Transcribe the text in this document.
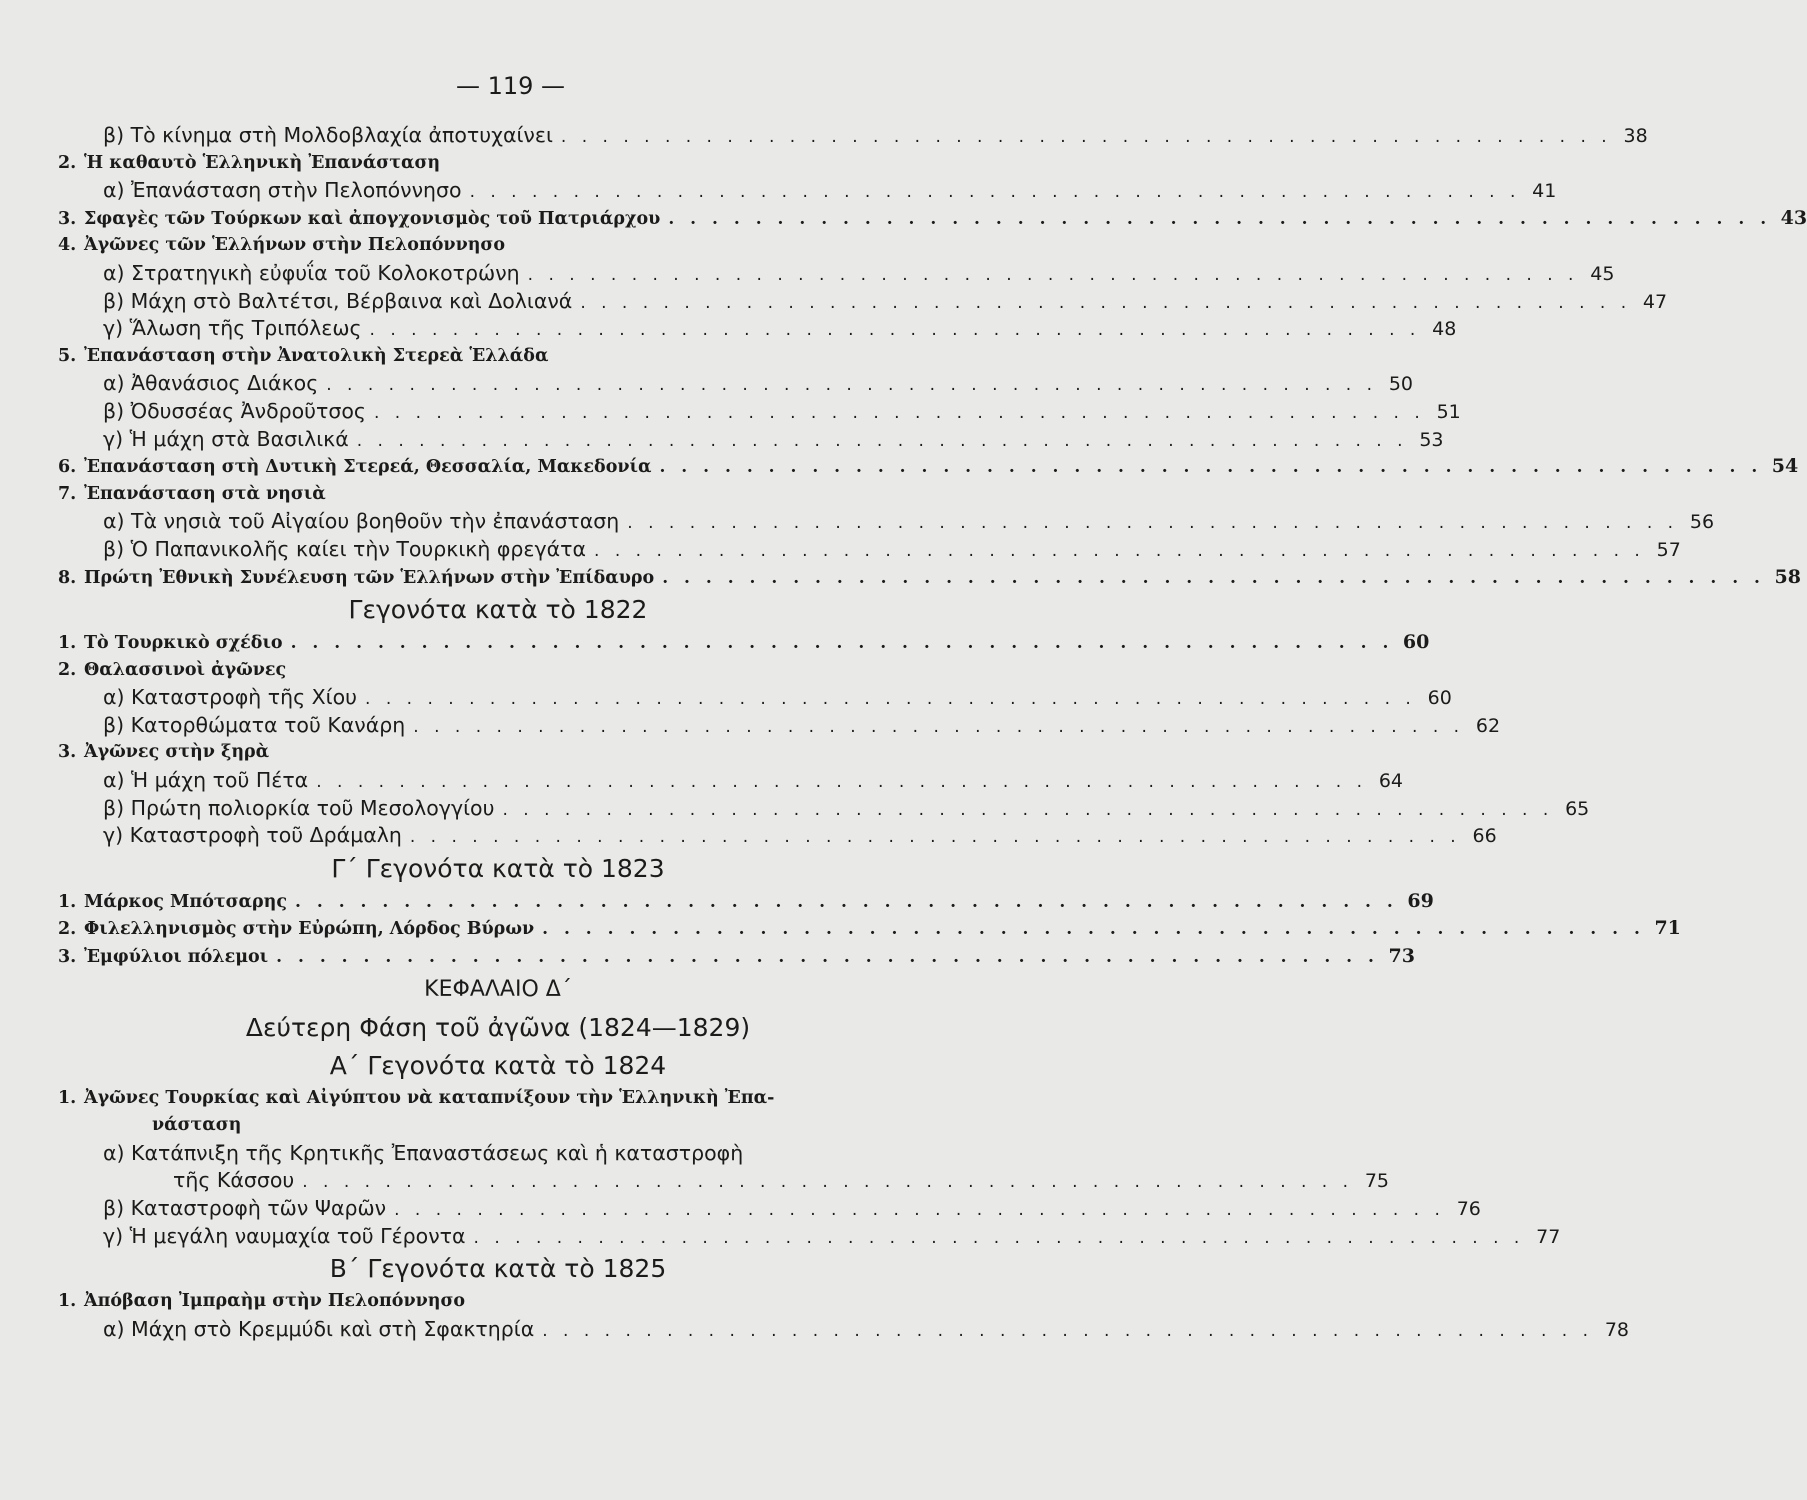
— 119 —
β) Τὸ κίνημα στὴ Μολδοβλαχία ἀποτυχαίνει . . . . . . . . . . . . . . . . . . . . . . . . . . . . . . . . . . . . . . . . . . . . . . . . . . . 38
2. Ἡ καθαυτὸ Ἑλληνικὴ Ἐπανάσταση
α) Ἐπανάσταση στὴν Πελοπόννησο . . . . . . . . . . . . . . . . . . . . . . . . . . . . . . . . . . . . . . . . . . . . . . . . . . . 41
3. Σφαγὲς τῶν Τούρκων καὶ ἀπογχονισμὸς τοῦ Πατριάρχου . . . . . . . . . . . . . . . . . . . . . . . . . . . . . . . . . . . . . . . . . . . . . . . . . . . 43
4. Ἀγῶνες τῶν Ἑλλήνων στὴν Πελοπόννησο
α) Στρατηγικὴ εὐφυΐα τοῦ Κολοκοτρώνη . . . . . . . . . . . . . . . . . . . . . . . . . . . . . . . . . . . . . . . . . . . . . . . . . . . 45
β) Μάχη στὸ Βαλτέτσι, Βέρβαινα καὶ Δολιανά . . . . . . . . . . . . . . . . . . . . . . . . . . . . . . . . . . . . . . . . . . . . . . . . . . . 47
γ) Ἅλωση τῆς Τριπόλεως . . . . . . . . . . . . . . . . . . . . . . . . . . . . . . . . . . . . . . . . . . . . . . . . . . . 48
5. Ἐπανάσταση στὴν Ἀνατολικὴ Στερεὰ Ἑλλάδα
α) Ἀθανάσιος Διάκος . . . . . . . . . . . . . . . . . . . . . . . . . . . . . . . . . . . . . . . . . . . . . . . . . . . 50
β) Ὀδυσσέας Ἀνδροῦτσος . . . . . . . . . . . . . . . . . . . . . . . . . . . . . . . . . . . . . . . . . . . . . . . . . . . 51
γ) Ἡ μάχη στὰ Βασιλικά . . . . . . . . . . . . . . . . . . . . . . . . . . . . . . . . . . . . . . . . . . . . . . . . . . . 53
6. Ἐπανάσταση στὴ Δυτικὴ Στερεά, Θεσσαλία, Μακεδονία . . . . . . . . . . . . . . . . . . . . . . . . . . . . . . . . . . . . . . . . . . . . . . . . . . . 54
7. Ἐπανάσταση στὰ νησιὰ
α) Τὰ νησιὰ τοῦ Αἰγαίου βοηθοῦν τὴν ἐπανάσταση . . . . . . . . . . . . . . . . . . . . . . . . . . . . . . . . . . . . . . . . . . . . . . . . . . . 56
β) Ὁ Παπανικολῆς καίει τὴν Τουρκικὴ φρεγάτα . . . . . . . . . . . . . . . . . . . . . . . . . . . . . . . . . . . . . . . . . . . . . . . . . . . 57
8. Πρώτη Ἐθνικὴ Συνέλευση τῶν Ἑλλήνων στὴν Ἐπίδαυρο . . . . . . . . . . . . . . . . . . . . . . . . . . . . . . . . . . . . . . . . . . . . . . . . . . . 58
Γεγονότα κατὰ τὸ 1822
1. Τὸ Τουρκικὸ σχέδιο . . . . . . . . . . . . . . . . . . . . . . . . . . . . . . . . . . . . . . . . . . . . . . . . . . . 60
2. Θαλασσινοὶ ἀγῶνες
α) Καταστροφὴ τῆς Χίου . . . . . . . . . . . . . . . . . . . . . . . . . . . . . . . . . . . . . . . . . . . . . . . . . . . 60
β) Κατορθώματα τοῦ Κανάρη . . . . . . . . . . . . . . . . . . . . . . . . . . . . . . . . . . . . . . . . . . . . . . . . . . . 62
3. Ἀγῶνες στὴν ξηρὰ
α) Ἡ μάχη τοῦ Πέτα . . . . . . . . . . . . . . . . . . . . . . . . . . . . . . . . . . . . . . . . . . . . . . . . . . . 64
β) Πρώτη πολιορκία τοῦ Μεσολογγίου . . . . . . . . . . . . . . . . . . . . . . . . . . . . . . . . . . . . . . . . . . . . . . . . . . . 65
γ) Καταστροφὴ τοῦ Δράμαλη . . . . . . . . . . . . . . . . . . . . . . . . . . . . . . . . . . . . . . . . . . . . . . . . . . . 66
Γ΄ Γεγονότα κατὰ τὸ 1823
1. Μάρκος Μπότσαρης . . . . . . . . . . . . . . . . . . . . . . . . . . . . . . . . . . . . . . . . . . . . . . . . . . . 69
2. Φιλελληνισμὸς στὴν Εὐρώπη, Λόρδος Βύρων . . . . . . . . . . . . . . . . . . . . . . . . . . . . . . . . . . . . . . . . . . . . . . . . . . . 71
3. Ἐμφύλιοι πόλεμοι . . . . . . . . . . . . . . . . . . . . . . . . . . . . . . . . . . . . . . . . . . . . . . . . . . . 73
ΚΕΦΑΛΑΙΟ Δ΄
Δεύτερη Φάση τοῦ ἀγῶνα (1824—1829)
Α΄ Γεγονότα κατὰ τὸ 1824
1. Ἀγῶνες Τουρκίας καὶ Αἰγύπτου νὰ καταπνίξουν τὴν Ἑλληνικὴ Ἐπα-
νάσταση
α) Κατάπνιξη τῆς Κρητικῆς Ἐπαναστάσεως καὶ ἡ καταστροφὴ
τῆς Κάσσου . . . . . . . . . . . . . . . . . . . . . . . . . . . . . . . . . . . . . . . . . . . . . . . . . . . 75
β) Καταστροφὴ τῶν Ψαρῶν . . . . . . . . . . . . . . . . . . . . . . . . . . . . . . . . . . . . . . . . . . . . . . . . . . . 76
γ) Ἡ μεγάλη ναυμαχία τοῦ Γέροντα . . . . . . . . . . . . . . . . . . . . . . . . . . . . . . . . . . . . . . . . . . . . . . . . . . . 77
Β΄ Γεγονότα κατὰ τὸ 1825
1. Ἀπόβαση Ἰμπραὴμ στὴν Πελοπόννησο
α) Μάχη στὸ Κρεμμύδι καὶ στὴ Σφακτηρία . . . . . . . . . . . . . . . . . . . . . . . . . . . . . . . . . . . . . . . . . . . . . . . . . . . 78
